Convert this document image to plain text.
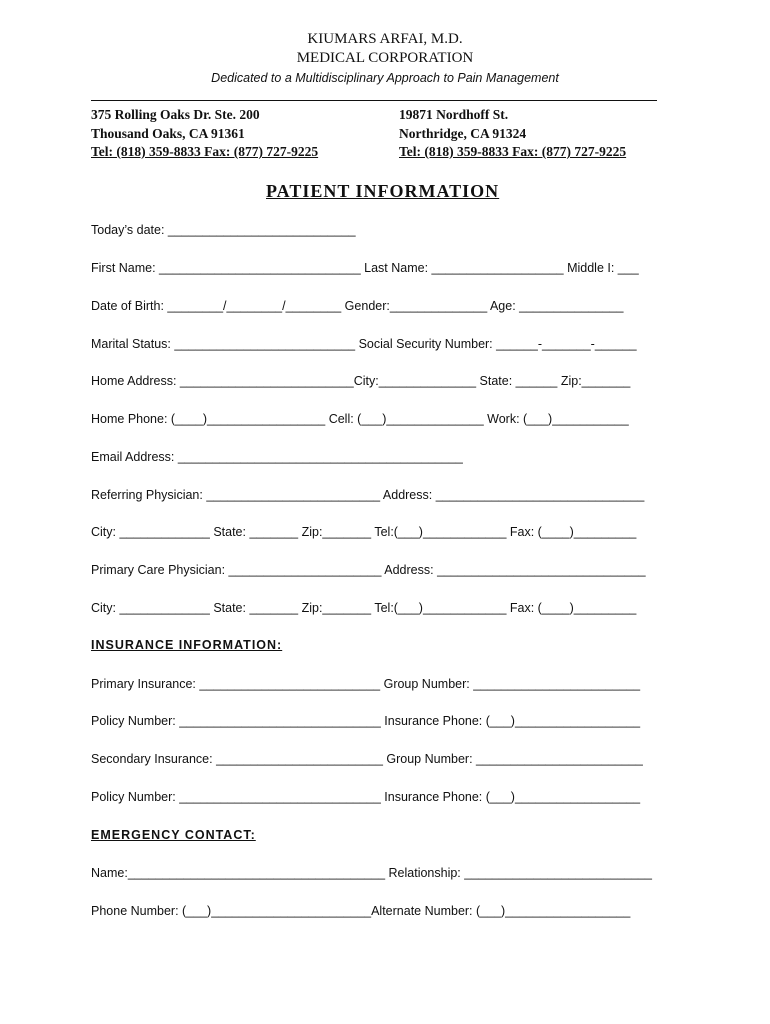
KIUMARS ARFAI, M.D.
MEDICAL CORPORATION
Dedicated to a Multidisciplinary Approach to Pain Management
375 Rolling Oaks Dr. Ste. 200
Thousand Oaks, CA 91361
Tel: (818) 359-8833 Fax: (877) 727-9225
19871 Nordhoff St.
Northridge, CA 91324
Tel: (818) 359-8833 Fax: (877) 727-9225
PATIENT INFORMATION
Today’s date: ___________________________
First Name: _____________________________ Last Name: ___________________ Middle I: ___
Date of Birth: ________/________/________ Gender:______________ Age: _______________
Marital Status: __________________________ Social Security Number: ______-_______-______
Home Address: _________________________City:______________ State: ______ Zip:_______
Home Phone: (____)_________________ Cell: (___)______________ Work: (___)___________
Email Address: _________________________________________
Referring Physician: _________________________ Address: ______________________________
City: _____________ State: _______ Zip:_______ Tel:(___)____________ Fax: (____)_________
Primary Care Physician: ______________________ Address: ______________________________
City: _____________ State: _______ Zip:_______ Tel:(___)____________ Fax: (____)_________
INSURANCE INFORMATION:
Primary Insurance: __________________________ Group Number: ________________________
Policy Number: _____________________________ Insurance Phone: (___)__________________
Secondary Insurance: ________________________ Group Number: ________________________
Policy Number: _____________________________ Insurance Phone: (___)__________________
EMERGENCY CONTACT:
Name:_____________________________________ Relationship: ___________________________
Phone Number: (___)_______________________Alternate Number: (___)__________________
